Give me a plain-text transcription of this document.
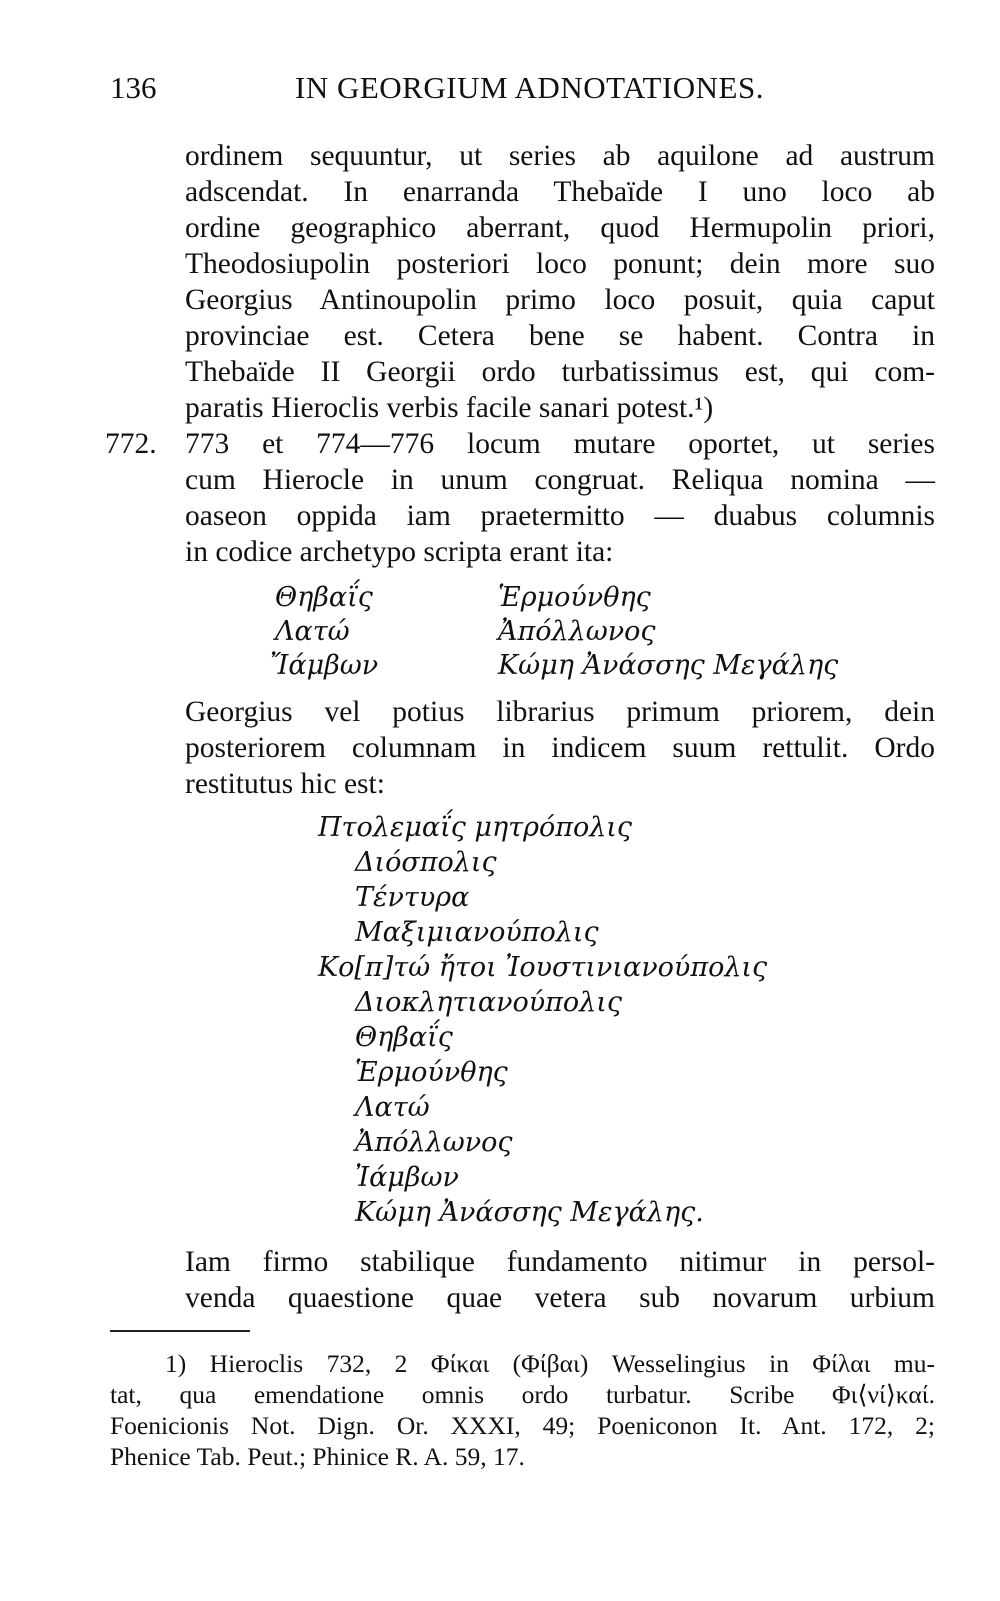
136	IN GEORGIUM ADNOTATIONES.
ordinem sequuntur, ut series ab aquilone ad austrum
adscendat. In enarranda Thebaïde I uno loco ab
ordine geographico aberrant, quod Hermupolin priori,
Theodosiupolin posteriori loco ponunt; dein more suo
Georgius Antinoupolin primo loco posuit, quia caput
provinciae est. Cetera bene se habent. Contra in
Thebaïde II Georgii ordo turbatissimus est, qui com-
paratis Hieroclis verbis facile sanari potest.¹)
772. 773 et 774—776 locum mutare oportet, ut series
cum Hierocle in unum congruat. Reliqua nomina —
oaseon oppida iam praetermitto — duabus columnis
in codice archetypo scripta erant ita:
Θηβαΐς
Λατώ
Ἴάμβων
Ἑρμούνθης
Ἀπόλλωνος
Κώμη Ἀνάσσης Μεγάλης
Georgius vel potius librarius primum priorem, dein
posteriorem columnam in indicem suum rettulit. Ordo
restitutus hic est:
Πτολεμαΐς μητρόπολις
Διόσπολις
Τέντυρα
Μαξιμιανούπολις
Κο[π]τώ ἤτοι Ἰουστινιανούπολις
Διοκλητιανούπολις
Θηβαΐς
Ἑρμούνθης
Λατώ
Ἀπόλλωνος
Ἰάμβων
Κώμη Ἀνάσσης Μεγάλης.
Iam firmo stabilique fundamento nitimur in persol-
venda quaestione quae vetera sub novarum urbium
1) Hieroclis 732, 2 Φίκαι (Φίβαι) Wesselingius in Φίλαι mu-
tat, qua emendatione omnis ordo turbatur. Scribe Φι⟨νί⟩καί.
Foenicionis Not. Dign. Or. XXXI, 49; Poeniconon It. Ant. 172, 2;
Phenice Tab. Peut.; Phinice R. A. 59, 17.
